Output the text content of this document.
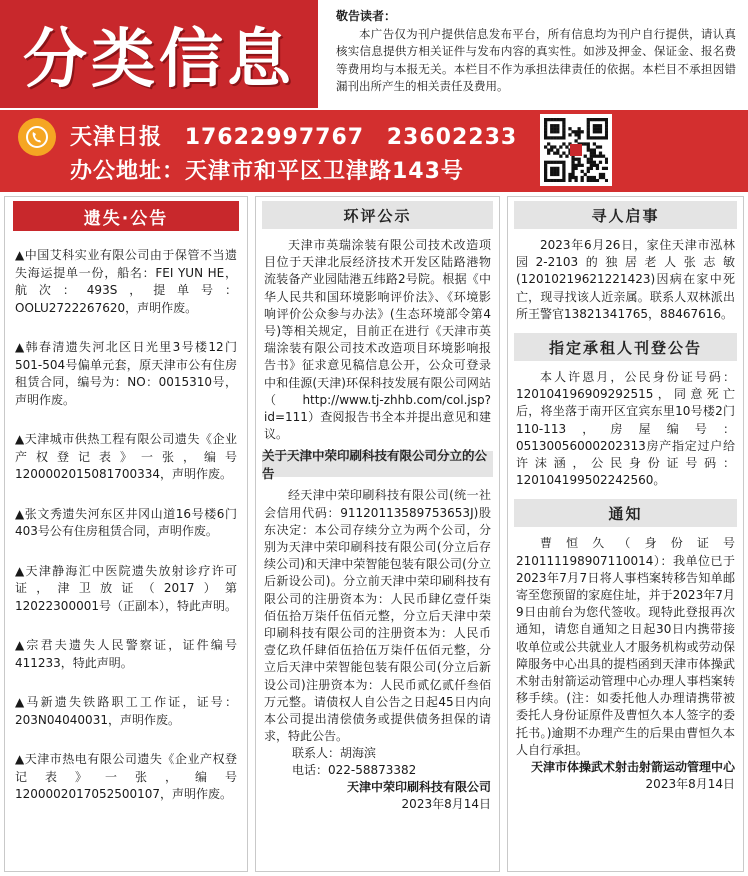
分类信息
敬告读者：
本广告仅为刊户提供信息发布平台，所有信息均为刊户自行提供，请认真核实信息提供方相关证件与发布内容的真实性。如涉及押金、保证金、报名费等费用均与本报无关。本栏目不作为承担法律责任的依据。本栏目不承担因错漏刊出所产生的相关责任及费用。
天津日报 17622997767 23602233
办公地址：天津市和平区卫津路143号
遗失·公告
▲中国艾科实业有限公司由于保管不当遗失海运提单一份，船名：FEI YUN HE，航次：493S，提单号：OOLU2722267620，声明作废。
▲韩春清遗失河北区日光里3号楼12门501-504号偏单元套，原天津市公有住房租赁合同，编号为：NO：0015310号，声明作废。
▲天津城市供热工程有限公司遗失《企业产权登记表》一张，编号120000201508170033​4，声明作废。
▲张文秀遗失河东区井冈山道16号楼6门403号公有住房租赁合同，声明作废。
▲天津静海汇中医院遗失放射诊疗许可证，津卫放证（2017）第12022300001号（正副本），特此声明。
▲宗君夫遗失人民警察证，证件编号411233，特此声明。
▲马新遗失铁路职工工作证，证号：203N04040031，声明作废。
▲天津市热电有限公司遗失《企业产权登记表》一张，编号120000201705250010​7，声明作废。
环评公示
天津市英瑞涂装有限公司技术改造项目位于天津北辰经济技术开发区陆路港物流装备产业园陆港五纬路2号院。根据《中华人民共和国环境影响评价法》、《环境影响评价公众参与办法》(生态环境部令第4号)等相关规定，目前正在进行《天津市英瑞涂装有限公司技术改造项目环境影响报告书》征求意见稿信息公开，公众可登录中和佳源(天津)环保科技发展有限公司网站（http://www.tj-zhhb.com/col.jsp?id=111）查阅报告书全本并提出意见和建议。
关于天津中荣印刷科技有限公司分立的公告
经天津中荣印刷科技有限公司(统一社会信用代码：91120113589753653J)股东决定：本公司存续分立为两个公司，分别为天津中荣印刷科技有限公司(分立后存续公司)和天津中荣智能包装有限公司(分立后新设公司)。分立前天津中荣印刷科技有限公司的注册资本为：人民币肆亿壹仟柒佰伍拾万柒仟伍佰元整，分立后天津中荣印刷科技有限公司的注册资本为：人民币壹亿玖仟肆佰伍拾伍万柒仟伍佰元整，分立后天津中荣智能包装有限公司(分立后新设公司)注册资本为：人民币贰亿贰仟叁佰万元整。请债权人自公告之日起45日内向本公司提出清偿债务或提供债务担保的请求，特此公告。
联系人：胡海滨
电话：022-58873382
天津中荣印刷科技有限公司
2023年8月14日
寻人启事
2023年6月26日，家住天津市泓林园2-2103的独居老人张志敏(12010219621221423)因病在家中死亡，现寻找该人近亲属。联系人双林派出所王警官13821341765，88467616。
指定承租人刊登公告
本人许恩月，公民身份证号码：12010419690929251​5，同意死亡后，将坐落于南开区宜宾东里10号楼2门110-113，房屋编号：05130056000202313房产指定过户给许沫涵，公民身份证号码：12010419950224256​0。
通知
曹恒久（身份证号210111198907110014）：我单位已于2023年7月7日将人事档案转移告知单邮寄至您预留的家庭住址，并于2023年7月9日由前台为您代签收。现特此登报再次通知，请您自通知之日起30日内携带接收单位或公共就业人才服务机构或劳动保障服务中心出具的提档函到天津市体操武术射击射箭运动管理中心办理人事档案转移手续。(注：如委托他人办理请携带被委托人身份证原件及曹恒久本人签字的委托书。)逾期不办理产生的后果由曹恒久本人自行承担。
天津市体操武术射击射箭运动管理中心
2023年8月14日
